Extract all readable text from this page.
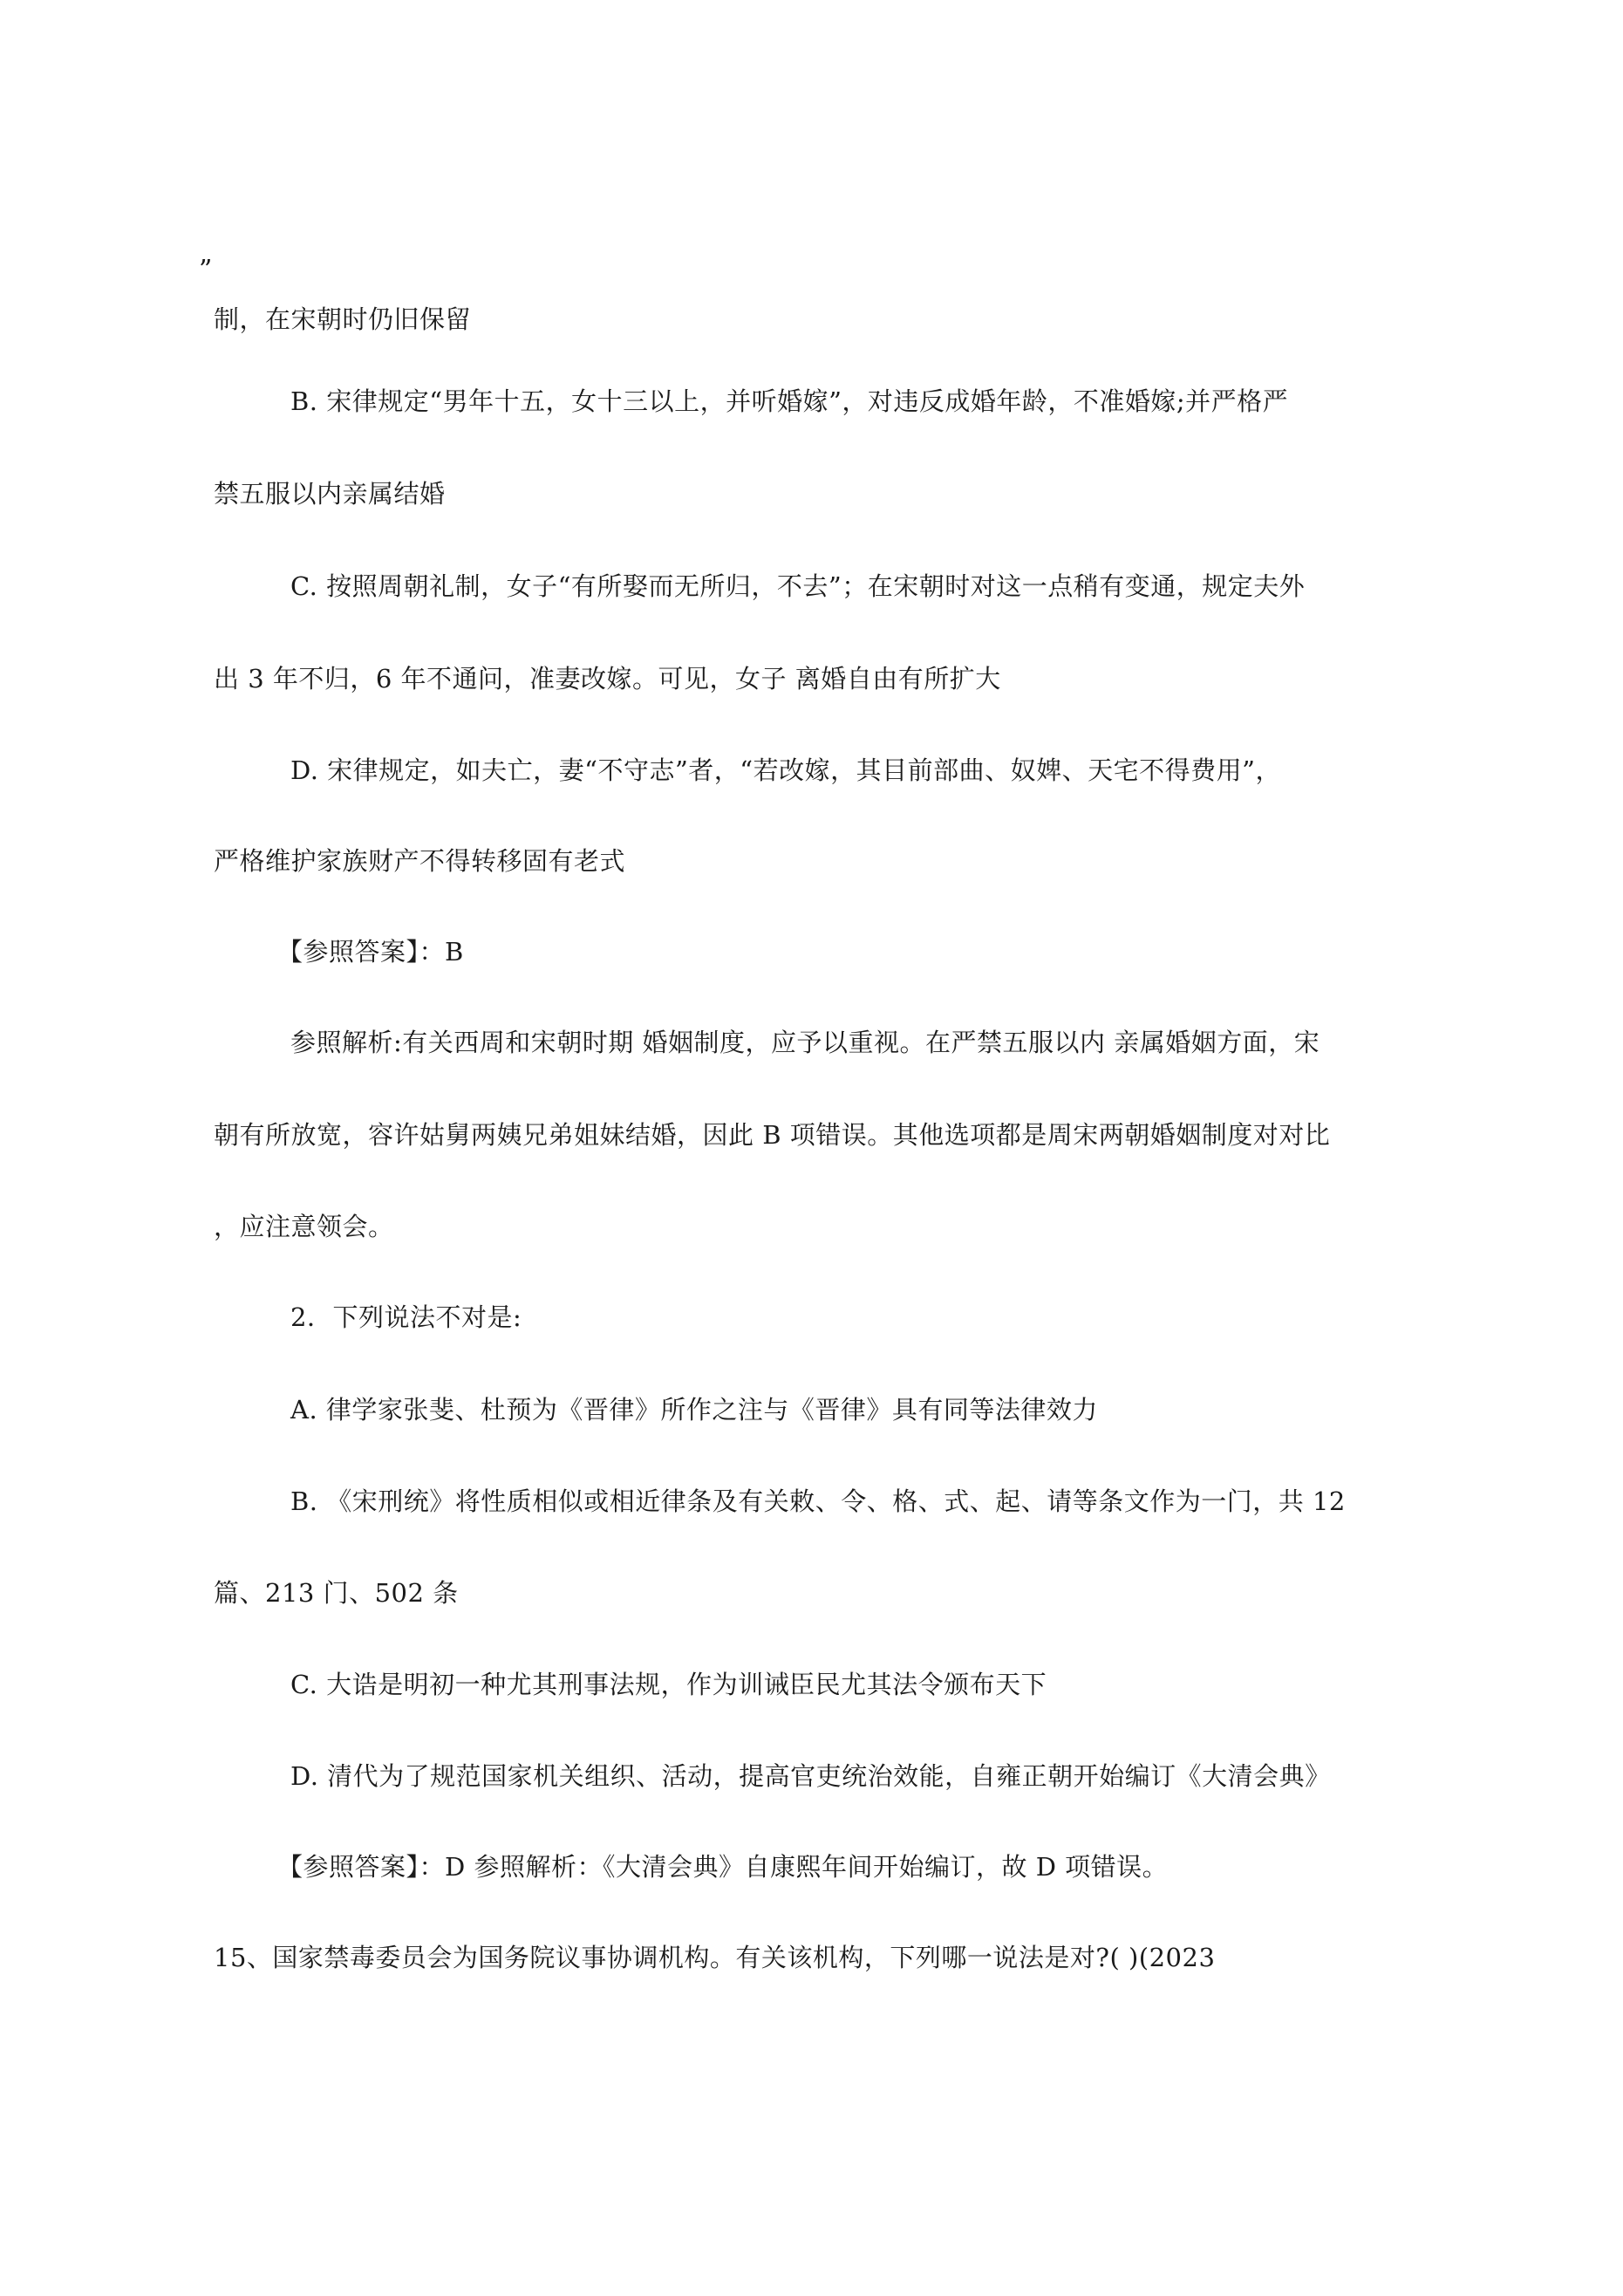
”
制，在宋朝时仍旧保留
B. 宋律规定“男年十五，女十三以上，并听婚嫁”，对违反成婚年龄，不准婚嫁;并严格严
禁五服以内亲属结婚
C. 按照周朝礼制，女子“有所娶而无所归，不去”；在宋朝时对这一点稍有变通，规定夫外
出 3 年不归，6 年不通问，准妻改嫁。可见，女子 离婚自由有所扩大
D. 宋律规定，如夫亡，妻“不守志”者，“若改嫁，其目前部曲、奴婢、天宅不得费用”，
严格维护家族财产不得转移固有老式
【参照答案】：B
参照解析:有关西周和宋朝时期 婚姻制度，应予以重视。在严禁五服以内 亲属婚姻方面，宋
朝有所放宽，容许姑舅两姨兄弟姐妹结婚，因此 B 项错误。其他选项都是周宋两朝婚姻制度对对比
，应注意领会。
2．下列说法不对是:
A. 律学家张斐、杜预为《晋律》所作之注与《晋律》具有同等法律效力
B. 《宋刑统》将性质相似或相近律条及有关敕、令、格、式、起、请等条文作为一门，共 12
篇、213 门、502 条
C. 大诰是明初一种尤其刑事法规，作为训诫臣民尤其法令颁布天下
D. 清代为了规范国家机关组织、活动，提高官吏统治效能，自雍正朝开始编订《大清会典》
【参照答案】：D 参照解析：《大清会典》自康熙年间开始编订，故 D 项错误。
15、国家禁毒委员会为国务院议事协调机构。有关该机构，下列哪一说法是对?( )(2023
